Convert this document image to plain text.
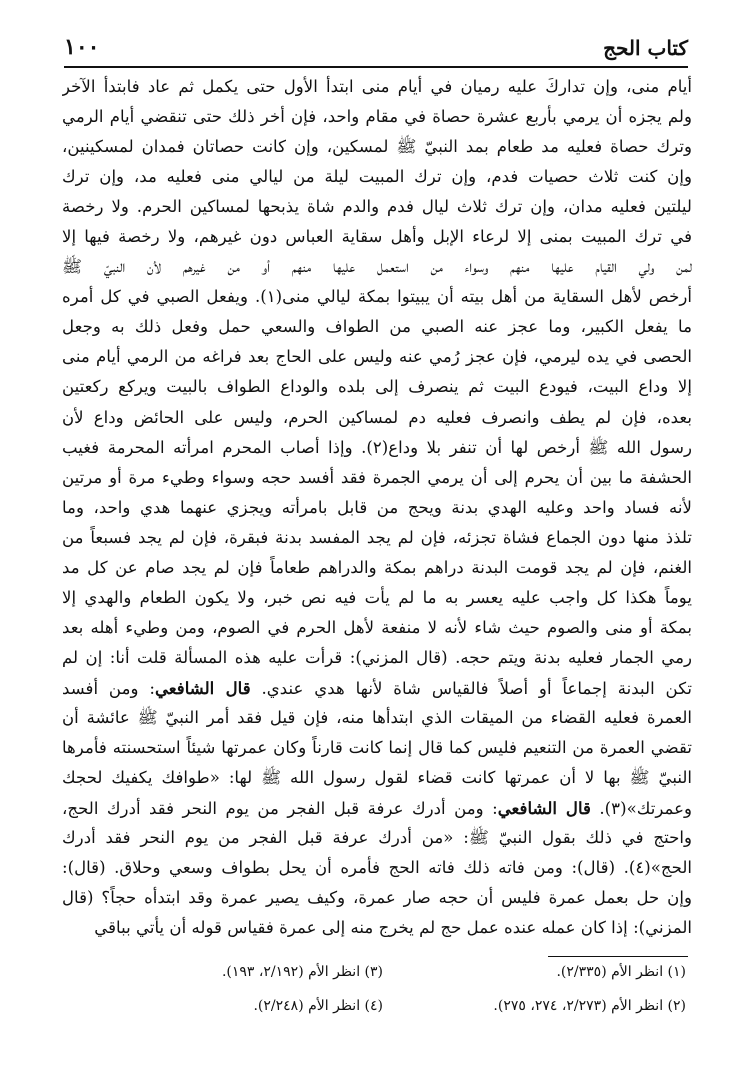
كتاب الحج
١٠٠
أيام منى، وإن تداركَ عليه رميان في أيام منى ابتدأ الأول حتى يكمل ثم عاد فابتدأ الآخر
ولم يجزه أن يرمي بأربع عشرة حصاة في مقام واحد، فإن أخر ذلك حتى تنقضي أيام الرمي
وترك حصاة فعليه مد طعام بمد النبيّ ﷺ لمسكين، وإن كانت حصاتان فمدان لمسكينين،
وإن كنت ثلاث حصيات فدم، وإن ترك المبيت ليلة من ليالي منى فعليه مد، وإن ترك
ليلتين فعليه مدان، وإن ترك ثلاث ليال فدم والدم شاة يذبحها لمساكين الحرم. ولا رخصة
في ترك المبيت بمنى إلا لرعاء الإبل وأهل سقاية العباس دون غيرهم، ولا رخصة فيها إلا
لمن ولي القيام عليها منهم وسواء من استعمل عليها منهم أو من غيرهم لأن النبيّ ﷺ
أرخص لأهل السقاية من أهل بيته أن يبيتوا بمكة ليالي منى(١). ويفعل الصبي في كل أمره
ما يفعل الكبير، وما عجز عنه الصبي من الطواف والسعي حمل وفعل ذلك به وجعل
الحصى في يده ليرمي، فإن عجز رُمي عنه وليس على الحاج بعد فراغه من الرمي أيام منى
إلا وداع البيت، فيودع البيت ثم ينصرف إلى بلده والوداع الطواف بالبيت ويركع ركعتين
بعده، فإن لم يطف وانصرف فعليه دم لمساكين الحرم، وليس على الحائض وداع لأن
رسول الله ﷺ أرخص لها أن تنفر بلا وداع(٢). وإذا أصاب المحرم امرأته المحرمة فغيب
الحشفة ما بين أن يحرم إلى أن يرمي الجمرة فقد أفسد حجه وسواء وطيء مرة أو مرتين
لأنه فساد واحد وعليه الهدي بدنة ويحج من قابل بامرأته ويجزي عنهما هدي واحد، وما
تلذذ منها دون الجماع فشاة تجزئه، فإن لم يجد المفسد بدنة فبقرة، فإن لم يجد فسبعاً من
الغنم، فإن لم يجد قومت البدنة دراهم بمكة والدراهم طعاماً فإن لم يجد صام عن كل مد
يوماً هكذا كل واجب عليه يعسر به ما لم يأت فيه نص خبر، ولا يكون الطعام والهدي إلا
بمكة أو منى والصوم حيث شاء لأنه لا منفعة لأهل الحرم في الصوم، ومن وطيء أهله بعد
رمي الجمار فعليه بدنة ويتم حجه. (قال المزني): قرأت عليه هذه المسألة قلت أنا: إن لم
تكن البدنة إجماعاً أو أصلاً فالقياس شاة لأنها هدي عندي. قال الشافعي: ومن أفسد
العمرة فعليه القضاء من الميقات الذي ابتدأها منه، فإن قيل فقد أمر النبيّ ﷺ عائشة أن
تقضي العمرة من التنعيم فليس كما قال إنما كانت قارناً وكان عمرتها شيئاً استحسنته فأمرها
النبيّ ﷺ بها لا أن عمرتها كانت قضاء لقول رسول الله ﷺ لها: «طوافك يكفيك لحجك
وعمرتك»(٣). قال الشافعي: ومن أدرك عرفة قبل الفجر من يوم النحر فقد أدرك الحج،
واحتج في ذلك بقول النبيّ ﷺ: «من أدرك عرفة قبل الفجر من يوم النحر فقد أدرك
الحج»(٤). (قال): ومن فاته ذلك فاته الحج فأمره أن يحل بطواف وسعي وحلاق. (قال):
وإن حل بعمل عمرة فليس أن حجه صار عمرة، وكيف يصير عمرة وقد ابتدأه حجاً؟ (قال
المزني): إذا كان عمله عنده عمل حج لم يخرج منه إلى عمرة فقياس قوله أن يأتي بباقي
(١) انظر الأم (٢/٣٣٥).
(٣) انظر الأم (٢/١٩٢، ١٩٣).
(٢) انظر الأم (٢/٢٧٣، ٢٧٤، ٢٧٥).
(٤) انظر الأم (٢/٢٤٨).
